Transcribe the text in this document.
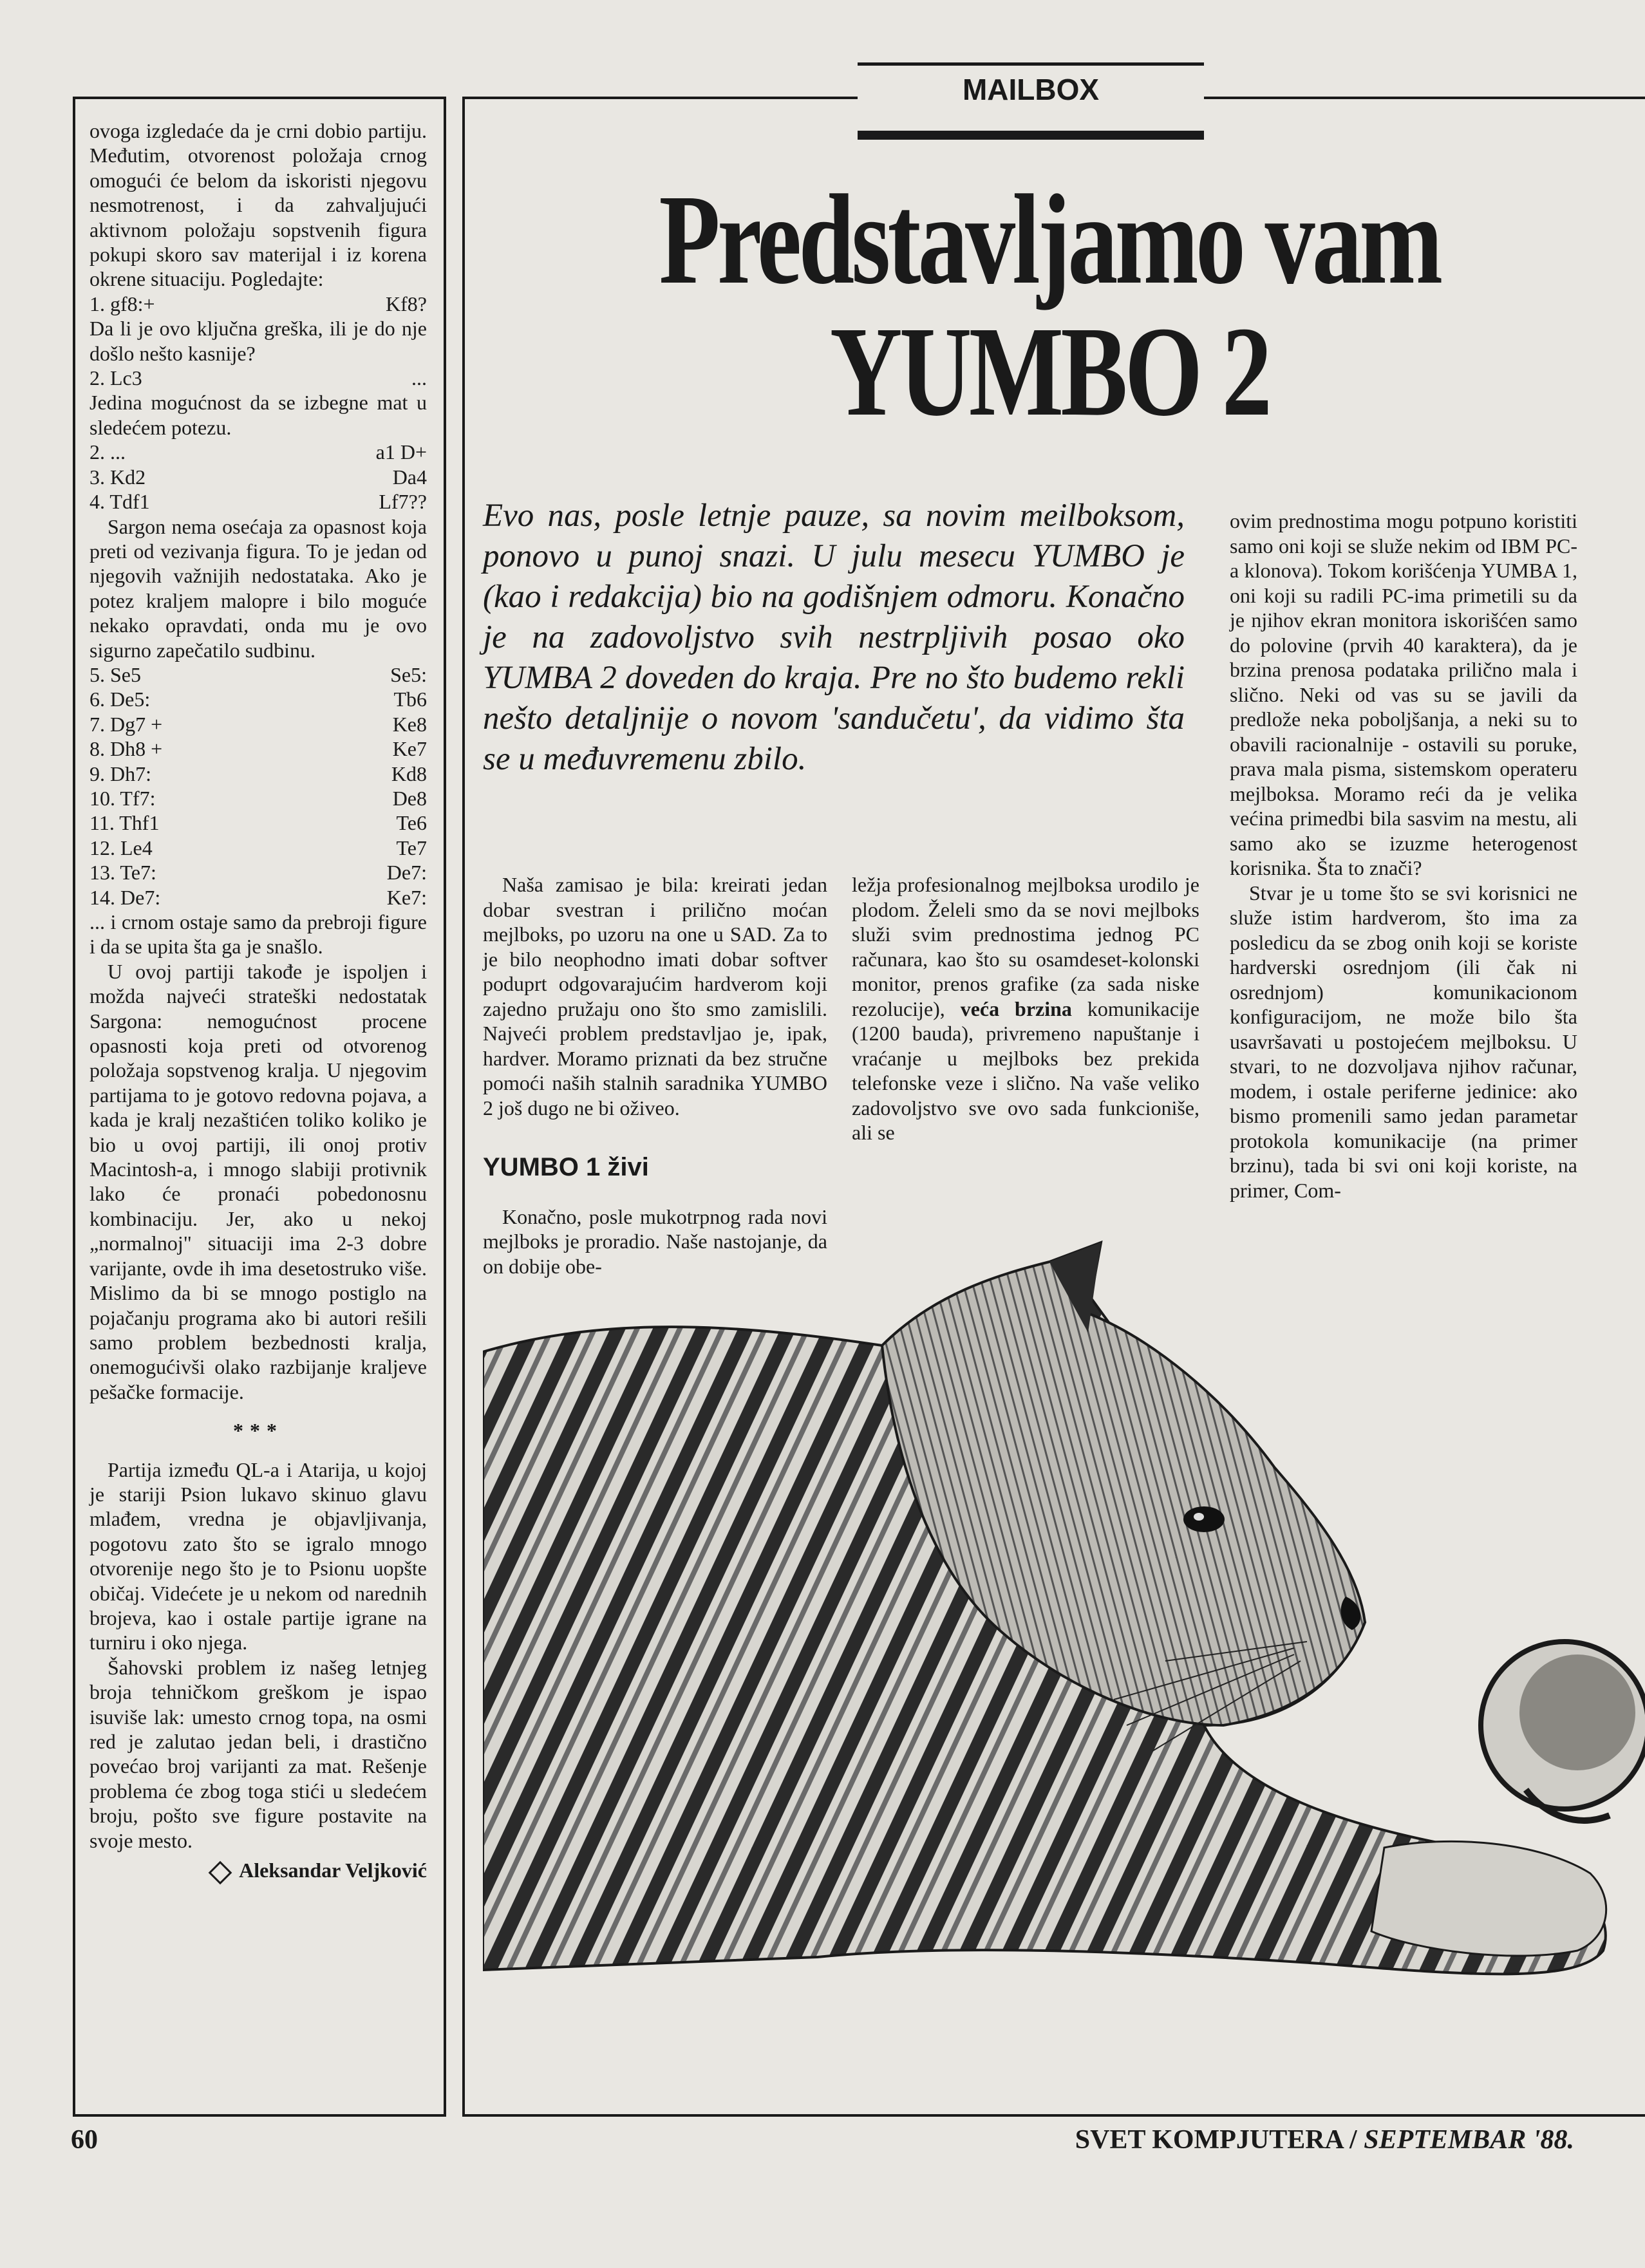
ovoga izgledaće da je crni dobio partiju. Međutim, otvorenost položaja crnog omogući će belom da iskoristi njegovu nesmotrenost, i da zahvaljujući aktivnom položaju sopstvenih figura pokupi skoro sav materijal i iz korena okrene situaciju. Pogledajte:

1. gf8:+	Kf8?

Da li je ovo ključna greška, ili je do nje došlo nešto kasnije?

2. Lc3	...

Jedina mogućnost da se izbegne mat u sledećem potezu.

2. ...	a1 D+
3. Kd2	Da4
4. Tdf1	Lf7??

Sargon nema osećaja za opasnost koja preti od vezivanja figura. To je jedan od njegovih važnijih nedostataka. Ako je potez kraljem malopre i bilo moguće nekako opravdati, onda mu je ovo sigurno zapečatilo sudbinu.

5. Se5	Se5:
6. De5:	Tb6
7. Dg7 +	Ke8
8. Dh8 +	Ke7
9. Dh7:	Kd8
10. Tf7:	De8
11. Thf1	Te6
12. Le4	Te7
13. Te7:	De7:
14. De7:	Ke7:

... i crnom ostaje samo da prebroji figure i da se upita šta ga je snašlo.

U ovoj partiji takođe je ispoljen i možda najveći strateški nedostatak Sargona: nemogućnost procene opasnosti koja preti od otvorenog položaja sopstvenog kralja. U njegovim partijama to je gotovo redovna pojava, a kada je kralj nezaštićen toliko koliko je bio u ovoj partiji, ili onoj protiv Macintosh-a, i mnogo slabiji protivnik lako će pronaći pobedonosnu kombinaciju. Jer, ako u nekoj „normalnoj" situaciji ima 2-3 dobre varijante, ovde ih ima desetostruko više. Mislimo da bi se mnogo postiglo na pojačanju programa ako bi autori rešili samo problem bezbednosti kralja, onemogućivši olako razbijanje kraljeve pešačke formacije.

***

Partija između QL-a i Atarija, u kojoj je stariji Psion lukavo skinuo glavu mlađem, vredna je objavljivanja, pogotovu zato što se igralo mnogo otvorenije nego što je to Psionu uopšte običaj. Videćete je u nekom od narednih brojeva, kao i ostale partije igrane na turniru i oko njega.

Šahovski problem iz našeg letnjeg broja tehničkom greškom je ispao isuviše lak: umesto crnog topa, na osmi red je zalutao jedan beli, i drastično povećao broj varijanti za mat. Rešenje problema će zbog toga stići u sledećem broju, pošto sve figure postavite na svoje mesto.

Aleksandar Veljković
MAILBOX
Predstavljamo vam
YUMBO 2
Evo nas, posle letnje pauze, sa novim meilboksom, ponovo u punoj snazi. U julu mesecu YUMBO je (kao i redakcija) bio na godišnjem odmoru. Konačno je na zadovoljstvo svih nestrpljivih posao oko YUMBA 2 doveden do kraja. Pre no što budemo rekli nešto detaljnije o novom 'sandučetu', da vidimo šta se u međuvremenu zbilo.

Naša zamisao je bila: kreirati jedan dobar svestran i prilično moćan mejlboks, po uzoru na one u SAD. Za to je bilo neophodno imati dobar softver poduprt odgovarajućim hardverom koji zajedno pružaju ono što smo zamislili. Najveći problem predstavljao je, ipak, hardver. Moramo priznati da bez stručne pomoći naših stalnih saradnika YUMBO 2 još dugo ne bi oživeo.

YUMBO 1 živi

Konačno, posle mukotrpnog rada novi mejlboks je proradio. Naše nastojanje, da on dobije obe-

ležja profesionalnog mejlboksa urodilo je plodom. Želeli smo da se novi mejlboks služi svim prednostima jednog PC računara, kao što su osamdeset-kolonski monitor, prenos grafike (za sada niske rezolucije), veća brzina komunikacije (1200 bauda), privremeno napuštanje i vraćanje u mejlboks bez prekida telefonske veze i slično. Na vaše veliko zadovoljstvo sve ovo sada funkcioniše, ali se

ovim prednostima mogu potpuno koristiti samo oni koji se služe nekim od IBM PC-a klonova). Tokom korišćenja YUMBA 1, oni koji su radili PC-ima primetili su da je njihov ekran monitora iskorišćen samo do polovine (prvih 40 karaktera), da je brzina prenosa podataka prilično mala i slično. Neki od vas su se javili da predlože neka poboljšanja, a neki su to obavili racionalnije - ostavili su poruke, prava mala pisma, sistemskom operateru mejlboksa. Moramo reći da je velika većina primedbi bila sasvim na mestu, ali samo ako se izuzme heterogenost korisnika. Šta to znači?

Stvar je u tome što se svi korisnici ne služe istim hardverom, što ima za posledicu da se zbog onih koji se koriste hardverski osrednjom (ili čak ni osrednjom) komunikacionom konfiguracijom, ne može bilo šta usavršavati u postojećem mejlboksu. U stvari, to ne dozvoljava njihov računar, modem, i ostale periferne jedinice: ako bismo promenili samo jedan parametar protokola komunikacije (na primer brzinu), tada bi svi oni koji koriste, na primer, Com-

60	SVET KOMPJUTERA / SEPTEMBAR '88.
